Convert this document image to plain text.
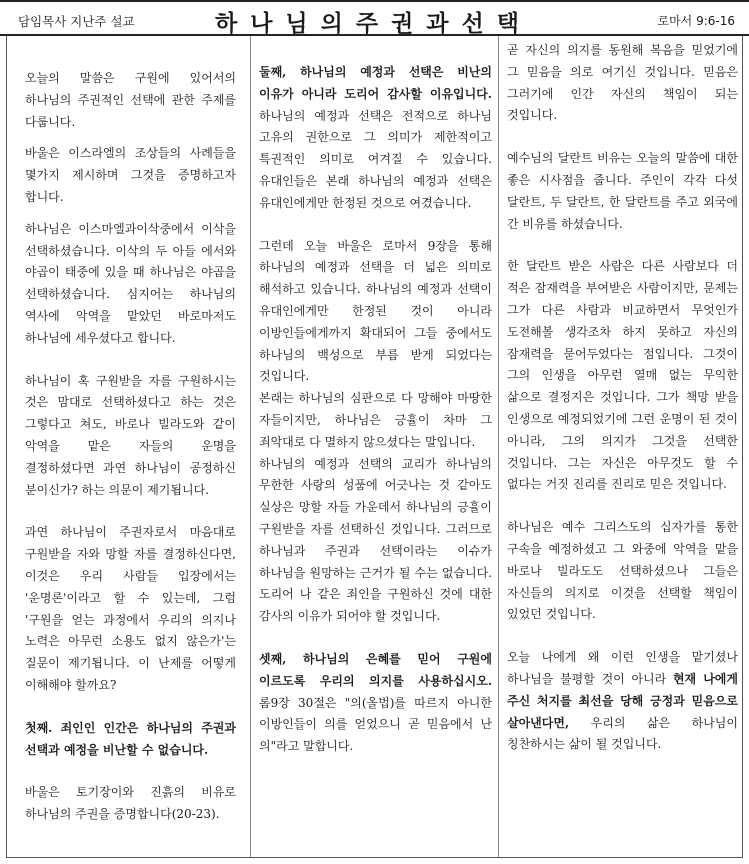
담임목사 지난주 설교	하나님의주권과선택	로마서 9:6-16

오늘의 말씀은 구원에 있어서의 하나님의 주권적인 선택에 관한 주제를 다룹니다.

바울은 이스라엘의 조상들의 사례들을 몇가지 제시하며 그것을 증명하고자 합니다.

하나님은 이스마엘과이삭중에서 이삭을 선택하셨습니다. 이삭의 두 아들 에서와 야곱이 태중에 있을 때 하나님은 야곱을 선택하셨습니다. 심지어는 하나님의 역사에 악역을 맡았던 바로마저도 하나님에 세우셨다고 합니다.

하나님이 혹 구원받을 자를 구원하시는 것은 맘대로 선택하셨다고 하는 것은 그렇다고 쳐도, 바로나 빌라도와 같이 악역을 맡은 자들의 운명을 결정하셨다면 과연 하나님이 공정하신 분이신가? 하는 의문이 제기됩니다.

과연 하나님이 주권자로서 마음대로 구원받을 자와 망할 자를 결정하신다면, 이것은 우리 사람들 입장에서는 '운명론'이라고 할 수 있는데, 그럼 '구원을 얻는 과정에서 우리의 의지나 노력은 아무런 소용도 없지 않은가'는 질문이 제기됩니다. 이 난제를 어떻게 이해해야 할까요?

첫째. 죄인인 인간은 하나님의 주권과 선택과 예정을 비난할 수 없습니다.

바울은 토기장이와 진흙의 비유로 하나님의 주권을 증명합니다(20-23).

둘째, 하나님의 예정과 선택은 비난의 이유가 아니라 도리어 감사할 이유입니다. 하나님의 예정과 선택은 전적으로 하나님 고유의 권한으로 그 의미가 제한적이고 특권적인 의미로 여겨질 수 있습니다. 유대인들은 본래 하나님의 예정과 선택은 유대인에게만 한정된 것으로 여겼습니다.

그런데 오늘 바울은 로마서 9장을 통해 하나님의 예정과 선택을 더 넓은 의미로 해석하고 있습니다. 하나님의 예정과 선택이 유대인에게만 한정된 것이 아니라 이방인들에게까지 확대되어 그들 중에서도 하나님의 백성으로 부름 받게 되었다는 것입니다.

본래는 하나님의 심판으로 다 망해야 마땅한 자들이지만, 하나님은 긍휼이 차마 그 죄악대로 다 멸하지 않으셨다는 말입니다.

하나님의 예정과 선택의 교리가 하나님의 무한한 사랑의 성품에 어긋나는 것 같아도 실상은 망할 자들 가운데서 하나님의 긍휼이 구원받을 자를 선택하신 것입니다. 그러므로 하나님과 주권과 선택이라는 이슈가 하나님을 원망하는 근거가 될 수는 없습니다. 도리어 나 같은 죄인을 구원하신 것에 대한 감사의 이유가 되어야 할 것입니다.

셋째, 하나님의 은혜를 믿어 구원에 이르도록 우리의 의지를 사용하십시오. 롬9장 30절은 "의(올법)를 따르지 아니한 이방인들이 의를 얻었으니 곧 믿음에서 난 의"라고 말합니다.

곧 자신의 의지를 동원해 복음을 믿었기에 그 믿음을 의로 여기신 것입니다. 믿음은 그러기에 인간 자신의 책임이 되는 것입니다.

예수님의 달란트 비유는 오늘의 말씀에 대한 좋은 시사점을 줍니다. 주인이 각각 다섯 달란트, 두 달란트, 한 달란트를 주고 외국에 간 비유를 하셨습니다.

한 달란트 받은 사람은 다른 사람보다 더 적은 잠재력을 부여받은 사람이지만, 문제는 그가 다른 사람과 비교하면서 무엇인가 도전해볼 생각조차 하지 못하고 자신의 잠재력을 묻어두었다는 점입니다. 그것이 그의 인생을 아무런 열매 없는 무익한 삶으로 결정지은 것입니다. 그가 책망 받을 인생으로 예정되었기에 그런 운명이 된 것이 아니라, 그의 의지가 그것을 선택한 것입니다. 그는 자신은 아무것도 할 수 없다는 거짓 진리를 진리로 믿은 것입니다.

하나님은 예수 그리스도의 십자가를 통한 구속을 예정하셨고 그 와중에 악역을 맡을 바로나 빌라도도 선택하셨으나 그들은 자신들의 의지로 이것을 선택할 책임이 있었던 것입니다.

오늘 나에게 왜 이런 인생을 맡기셨나 하나님을 불평할 것이 아니라 현재 나에게 주신 처지를 최선을 당해 긍정과 믿음으로 살아낸다면, 우리의 삶은 하나님이 칭찬하시는 삶이 될 것입니다.
